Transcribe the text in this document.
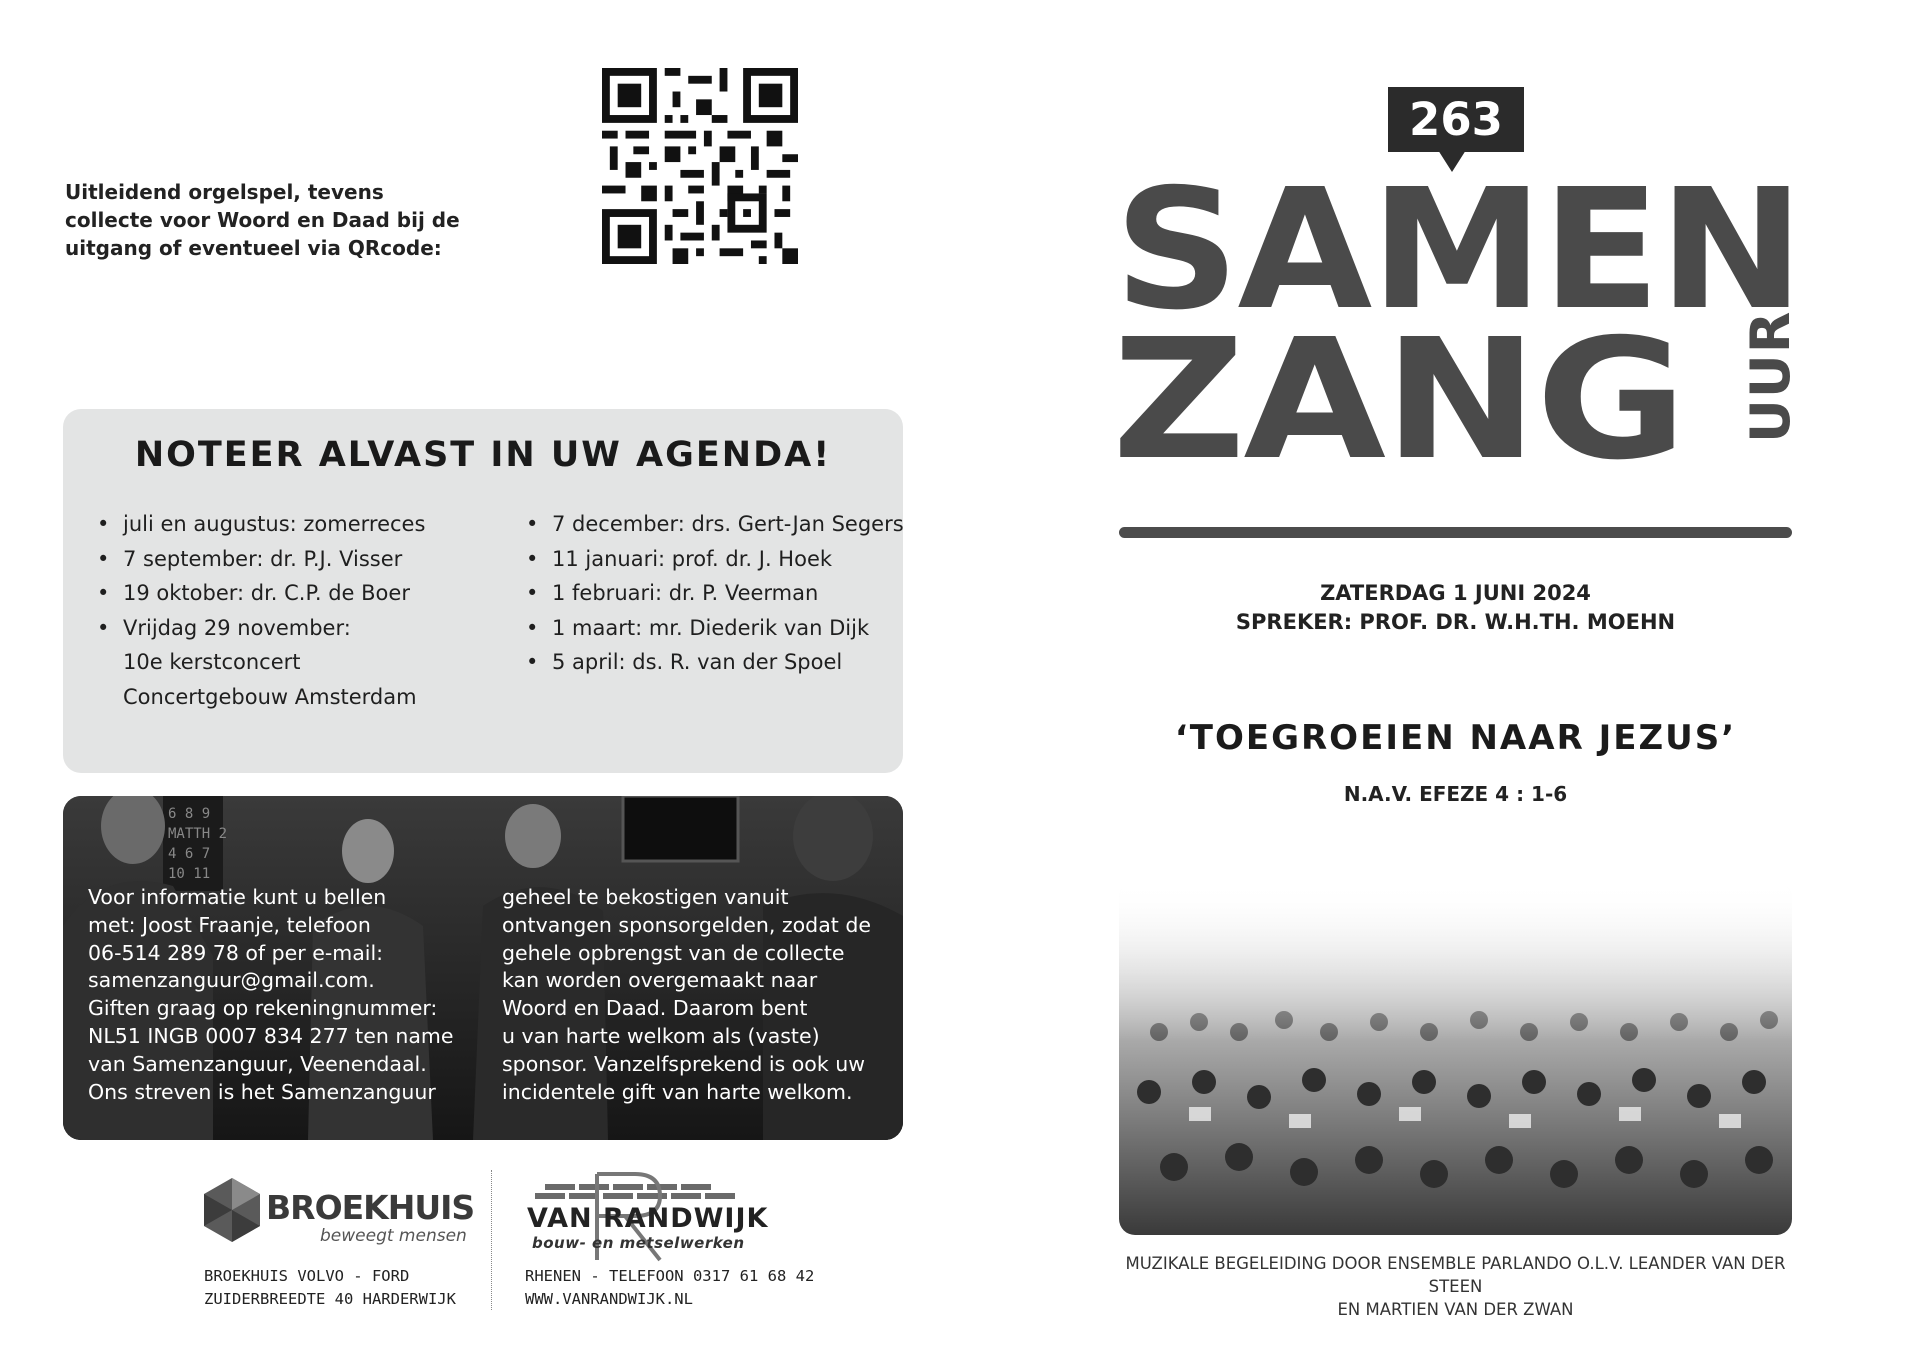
Uitleidend orgelspel, tevens collecte voor Woord en Daad bij de uitgang of eventueel via QRcode:
NOTEER ALVAST IN UW AGENDA!
• juli en augustus: zomerreces
• 7 september: dr. P.J. Visser
• 19 oktober: dr. C.P. de Boer
• Vrijdag 29 november:
10e kerstconcert
Concertgebouw Amsterdam
• 7 december: drs. Gert-Jan Segers
• 11 januari: prof. dr. J. Hoek
• 1 februari: dr. P. Veerman
• 1 maart: mr. Diederik van Dijk
• 5 april: ds. R. van der Spoel
6 8 9
MATTH 2
4 6 7
10 11
Voor informatie kunt u bellen
met: Joost Fraanje, telefoon
06-514 289 78 of per e-mail:
samenzanguur@gmail.com.
Giften graag op rekeningnummer:
NL51 INGB 0007 834 277 ten name
van Samenzanguur, Veenendaal.
Ons streven is het Samenzanguur
geheel te bekostigen vanuit
ontvangen sponsorgelden, zodat de
gehele opbrengst van de collecte
kan worden overgemaakt naar
Woord en Daad. Daarom bent
u van harte welkom als (vaste)
sponsor. Vanzelfsprekend is ook uw
incidentele gift van harte welkom.
BROEKHUIS
beweegt mensen
VAN RANDWIJK
bouw- en metselwerken
BROEKHUIS VOLVO - FORD
ZUIDERBREEDTE 40 HARDERWIJK
RHENEN - TELEFOON 0317 61 68 42
WWW.VANRANDWIJK.NL
263
SAMEN
ZANG UUR
ZATERDAG 1 JUNI 2024
SPREKER: PROF. DR. W.H.TH. MOEHN
‘TOEGROEIEN NAAR JEZUS’
N.A.V. EFEZE 4 : 1-6
MUZIKALE BEGELEIDING DOOR ENSEMBLE PARLANDO O.L.V. LEANDER VAN DER STEEN
EN MARTIEN VAN DER ZWAN
